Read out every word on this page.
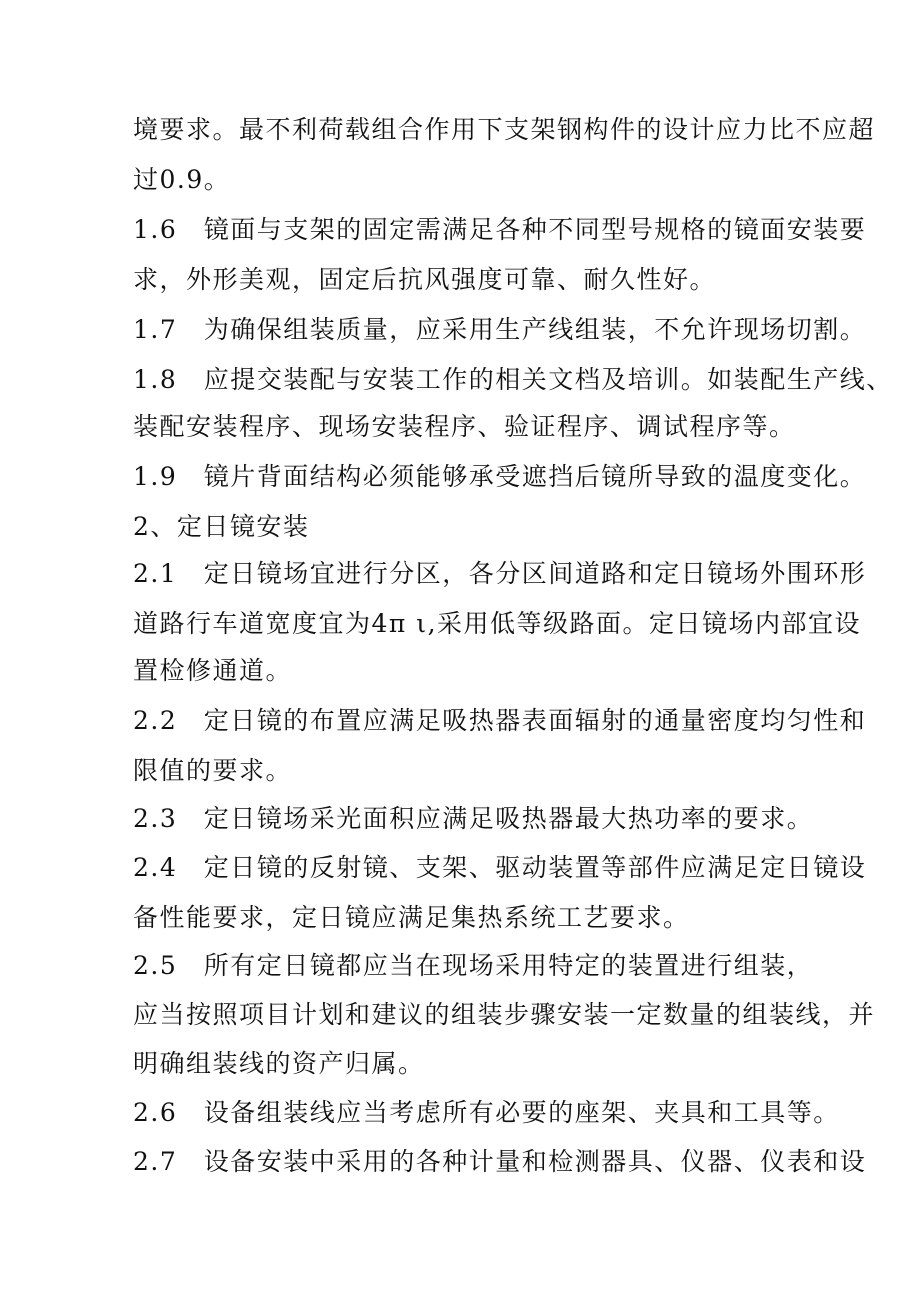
境要求。最不利荷载组合作用下支架钢构件的设计应力比不应超
过0.9。
1.6　镜面与支架的固定需满足各种不同型号规格的镜面安装要
求，外形美观，固定后抗风强度可靠、耐久性好。
1.7　为确保组装质量，应采用生产线组装，不允许现场切割。
1.8　应提交装配与安装工作的相关文档及培训。如装配生产线、
装配安装程序、现场安装程序、验证程序、调试程序等。
1.9　镜片背面结构必须能够承受遮挡后镜所导致的温度变化。
2、定日镜安装
2.1　定日镜场宜进行分区，各分区间道路和定日镜场外围环形
道路行车道宽度宜为4π ι,采用低等级路面。定日镜场内部宜设
置检修通道。
2.2　定日镜的布置应满足吸热器表面辐射的通量密度均匀性和
限值的要求。
2.3　定日镜场采光面积应满足吸热器最大热功率的要求。
2.4　定日镜的反射镜、支架、驱动装置等部件应满足定日镜设
备性能要求，定日镜应满足集热系统工艺要求。
2.5　所有定日镜都应当在现场采用特定的装置进行组装，
应当按照项目计划和建议的组装步骤安装一定数量的组装线，并
明确组装线的资产归属。
2.6　设备组装线应当考虑所有必要的座架、夹具和工具等。
2.7　设备安装中采用的各种计量和检测器具、仪器、仪表和设
